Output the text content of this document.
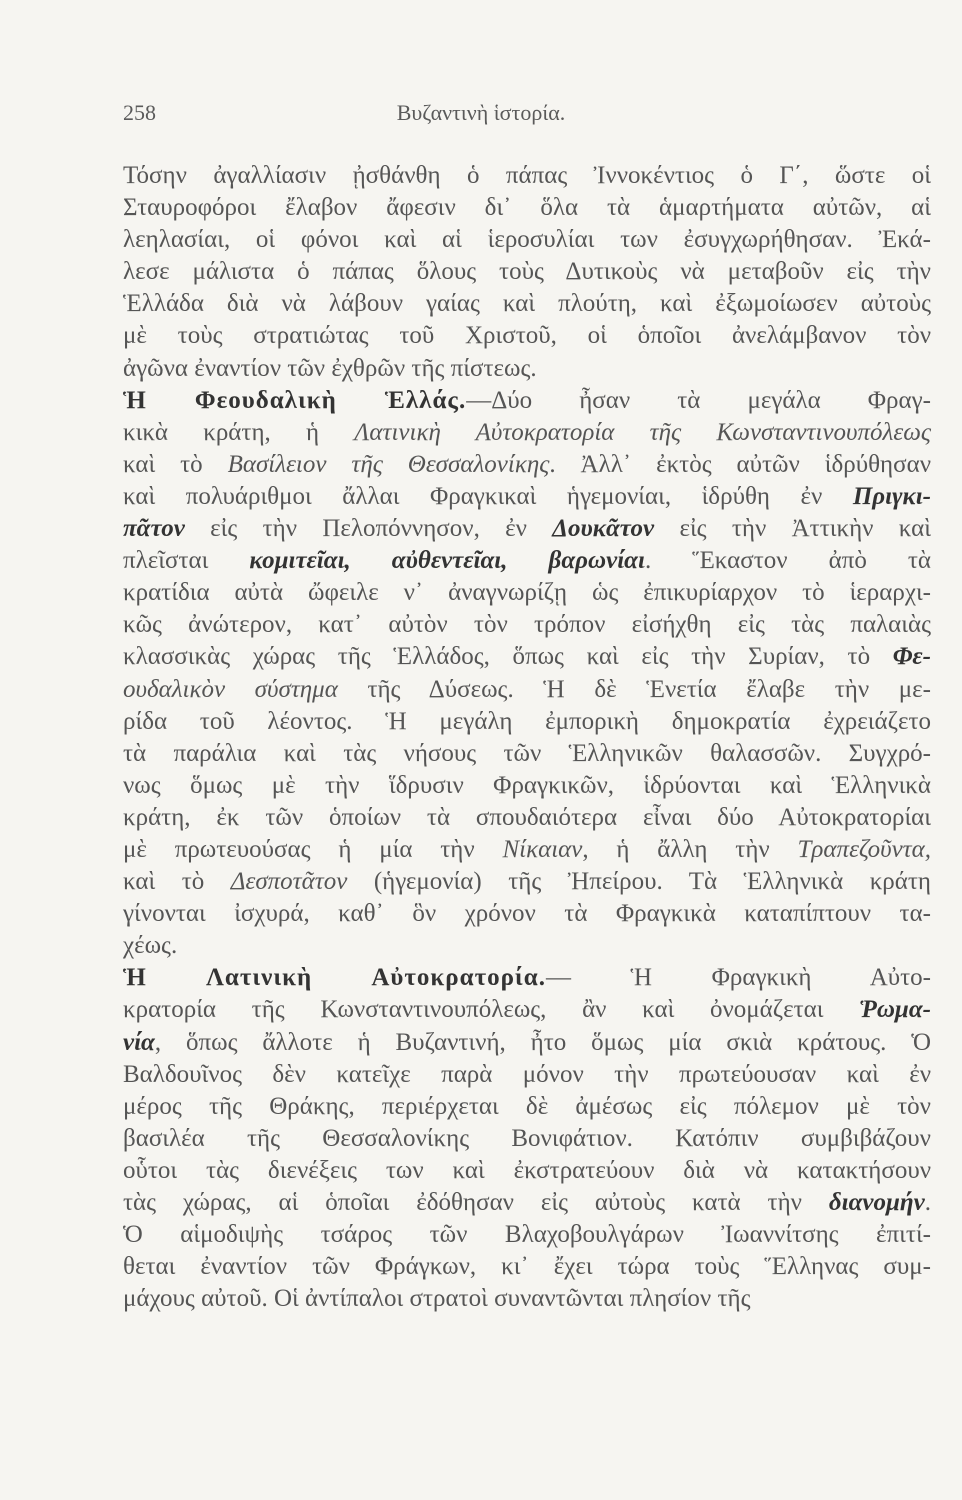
258	Βυζαντινὴ ἱστορία.
Τόσην ἀγαλλίασιν ᾐσθάνθη ὁ πάπας Ἰννοκέντιος ὁ Γ΄, ὥστε οἱ
Σταυροφόροι ἔλαβον ἄφεσιν δι᾽ ὅλα τὰ ἁμαρτήματα αὐτῶν, αἱ
λεηλασίαι, οἱ φόνοι καὶ αἱ ἱεροσυλίαι των ἐσυγχωρήθησαν. Ἐκά-
λεσε μάλιστα ὁ πάπας ὅλους τοὺς Δυτικοὺς νὰ μεταβοῦν εἰς τὴν
Ἑλλάδα διὰ νὰ λάβουν γαίας καὶ πλούτη, καὶ ἐξωμοίωσεν αὐτοὺς
μὲ τοὺς στρατιώτας τοῦ Χριστοῦ, οἱ ὁποῖοι ἀνελάμβανον τὸν
ἀγῶνα ἐναντίον τῶν ἐχθρῶν τῆς πίστεως.
Ἡ Φεουδαλικὴ Ἑλλάς.—Δύο ἦσαν τὰ μεγάλα Φραγ-
κικὰ κράτη, ἡ Λατινικὴ Αὐτοκρατορία τῆς Κωνσταντινουπόλεως
καὶ τὸ Βασίλειον τῆς Θεσσαλονίκης. Ἀλλ᾽ ἐκτὸς αὐτῶν ἱδρύθησαν
καὶ πολυάριθμοι ἄλλαι Φραγκικαὶ ἡγεμονίαι, ἱδρύθη ἐν Πριγκι-
πᾶτον εἰς τὴν Πελοπόννησον, ἐν Δουκᾶτον εἰς τὴν Ἀττικὴν καὶ
πλεῖσται κομιτεῖαι, αὐθεντεῖαι, βαρωνίαι. Ἕκαστον ἀπὸ τὰ
κρατίδια αὐτὰ ὤφειλε ν᾽ ἀναγνωρίζῃ ὡς ἐπικυρίαρχον τὸ ἱεραρχι-
κῶς ἀνώτερον, κατ᾽ αὐτὸν τὸν τρόπον εἰσήχθη εἰς τὰς παλαιὰς
κλασσικὰς χώρας τῆς Ἑλλάδος, ὅπως καὶ εἰς τὴν Συρίαν, τὸ Φε-
ουδαλικὸν σύστημα τῆς Δύσεως. Ἡ δὲ Ἑνετία ἔλαβε τὴν με-
ρίδα τοῦ λέοντος. Ἡ μεγάλη ἐμπορικὴ δημοκρατία ἐχρειάζετο
τὰ παράλια καὶ τὰς νήσους τῶν Ἑλληνικῶν θαλασσῶν. Συγχρό-
νως ὅμως μὲ τὴν ἵδρυσιν Φραγκικῶν, ἱδρύονται καὶ Ἑλληνικὰ
κράτη, ἐκ τῶν ὁποίων τὰ σπουδαιότερα εἶναι δύο Αὐτοκρατορίαι
μὲ πρωτευούσας ἡ μία τὴν Νίκαιαν, ἡ ἄλλη τὴν Τραπεζοῦντα,
καὶ τὸ Δεσποτᾶτον (ἡγεμονία) τῆς Ἠπείρου. Τὰ Ἑλληνικὰ κράτη
γίνονται ἰσχυρά, καθ᾽ ὃν χρόνον τὰ Φραγκικὰ καταπίπτουν τα-
χέως.
Ἡ Λατινικὴ Αὐτοκρατορία.— Ἡ Φραγκικὴ Αὐτο-
κρατορία τῆς Κωνσταντινουπόλεως, ἂν καὶ ὀνομάζεται Ῥωμα-
νία, ὅπως ἄλλοτε ἡ Βυζαντινή, ἦτο ὅμως μία σκιὰ κράτους. Ὁ
Βαλδουῖνος δὲν κατεῖχε παρὰ μόνον τὴν πρωτεύουσαν καὶ ἐν
μέρος τῆς Θράκης, περιέρχεται δὲ ἀμέσως εἰς πόλεμον μὲ τὸν
βασιλέα τῆς Θεσσαλονίκης Βονιφάτιον. Κατόπιν συμβιβάζουν
οὗτοι τὰς διενέξεις των καὶ ἐκστρατεύουν διὰ νὰ κατακτήσουν
τὰς χώρας, αἱ ὁποῖαι ἐδόθησαν εἰς αὐτοὺς κατὰ τὴν διανομήν.
Ὁ αἱμοδιψὴς τσάρος τῶν Βλαχοβουλγάρων Ἰωαννίτσης ἐπιτί-
θεται ἐναντίον τῶν Φράγκων, κι᾽ ἔχει τώρα τοὺς Ἕλληνας συμ-
μάχους αὐτοῦ. Οἱ ἀντίπαλοι στρατοὶ συναντῶνται πλησίον τῆς
